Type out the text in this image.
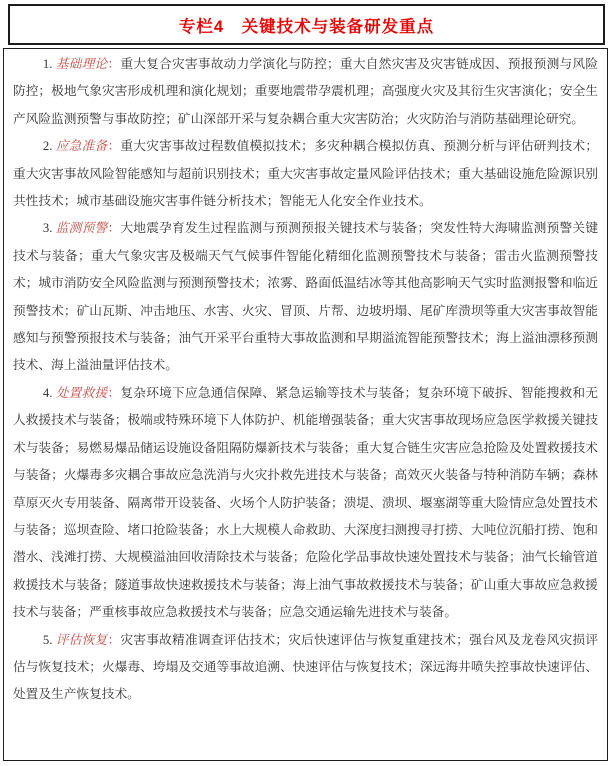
专栏4　关键技术与装备研发重点

1. 基础理论：重大复合灾害事故动力学演化与防控；重大自然灾害及灾害链成因、预报预测与风险防控；极地气象灾害形成机理和演化规划；重要地震带孕震机理；高强度火灾及其衍生灾害演化；安全生产风险监测预警与事故防控；矿山深部开采与复杂耦合重大灾害防治；火灾防治与消防基础理论研究。

2. 应急准备：重大灾害事故过程数值模拟技术；多灾种耦合模拟仿真、预测分析与评估研判技术；重大灾害事故风险智能感知与超前识别技术；重大灾害事故定量风险评估技术；重大基础设施危险源识别共性技术；城市基础设施灾害事件链分析技术；智能无人化安全作业技术。

3. 监测预警：大地震孕育发生过程监测与预测预报关键技术与装备；突发性特大海啸监测预警关键技术与装备；重大气象灾害及极端天气气候事件智能化精细化监测预警技术与装备；雷击火监测预警技术；城市消防安全风险监测与预测预警技术；浓雾、路面低温结冰等其他高影响天气实时监测报警和临近预警技术；矿山瓦斯、冲击地压、水害、火灾、冒顶、片帮、边坡坍塌、尾矿库溃坝等重大灾害事故智能感知与预警预报技术与装备；油气开采平台重特大事故监测和早期溢流智能预警技术；海上溢油漂移预测技术、海上溢油量评估技术。

4. 处置救援：复杂环境下应急通信保障、紧急运输等技术与装备；复杂环境下破拆、智能搜救和无人救援技术与装备；极端或特殊环境下人体防护、机能增强装备；重大灾害事故现场应急医学救援关键技术与装备；易燃易爆品储运设施设备阻隔防爆新技术与装备；重大复合链生灾害应急抢险及处置救援技术与装备；火爆毒多灾耦合事故应急洗消与火灾扑救先进技术与装备；高效灭火装备与特种消防车辆；森林草原灭火专用装备、隔离带开设装备、火场个人防护装备；溃堤、溃坝、堰塞湖等重大险情应急处置技术与装备；巡坝查险、堵口抢险装备；水上大规模人命救助、大深度扫测搜寻打捞、大吨位沉船打捞、饱和潜水、浅滩打捞、大规模溢油回收清除技术与装备；危险化学品事故快速处置技术与装备；油气长输管道救援技术与装备；隧道事故快速救援技术与装备；海上油气事故救援技术与装备；矿山重大事故应急救援技术与装备；严重核事故应急救援技术与装备；应急交通运输先进技术与装备。

5. 评估恢复：灾害事故精准调查评估技术；灾后快速评估与恢复重建技术；强台风及龙卷风灾损评估与恢复技术；火爆毒、垮塌及交通等事故追溯、快速评估与恢复技术；深远海井喷失控事故快速评估、处置及生产恢复技术。
